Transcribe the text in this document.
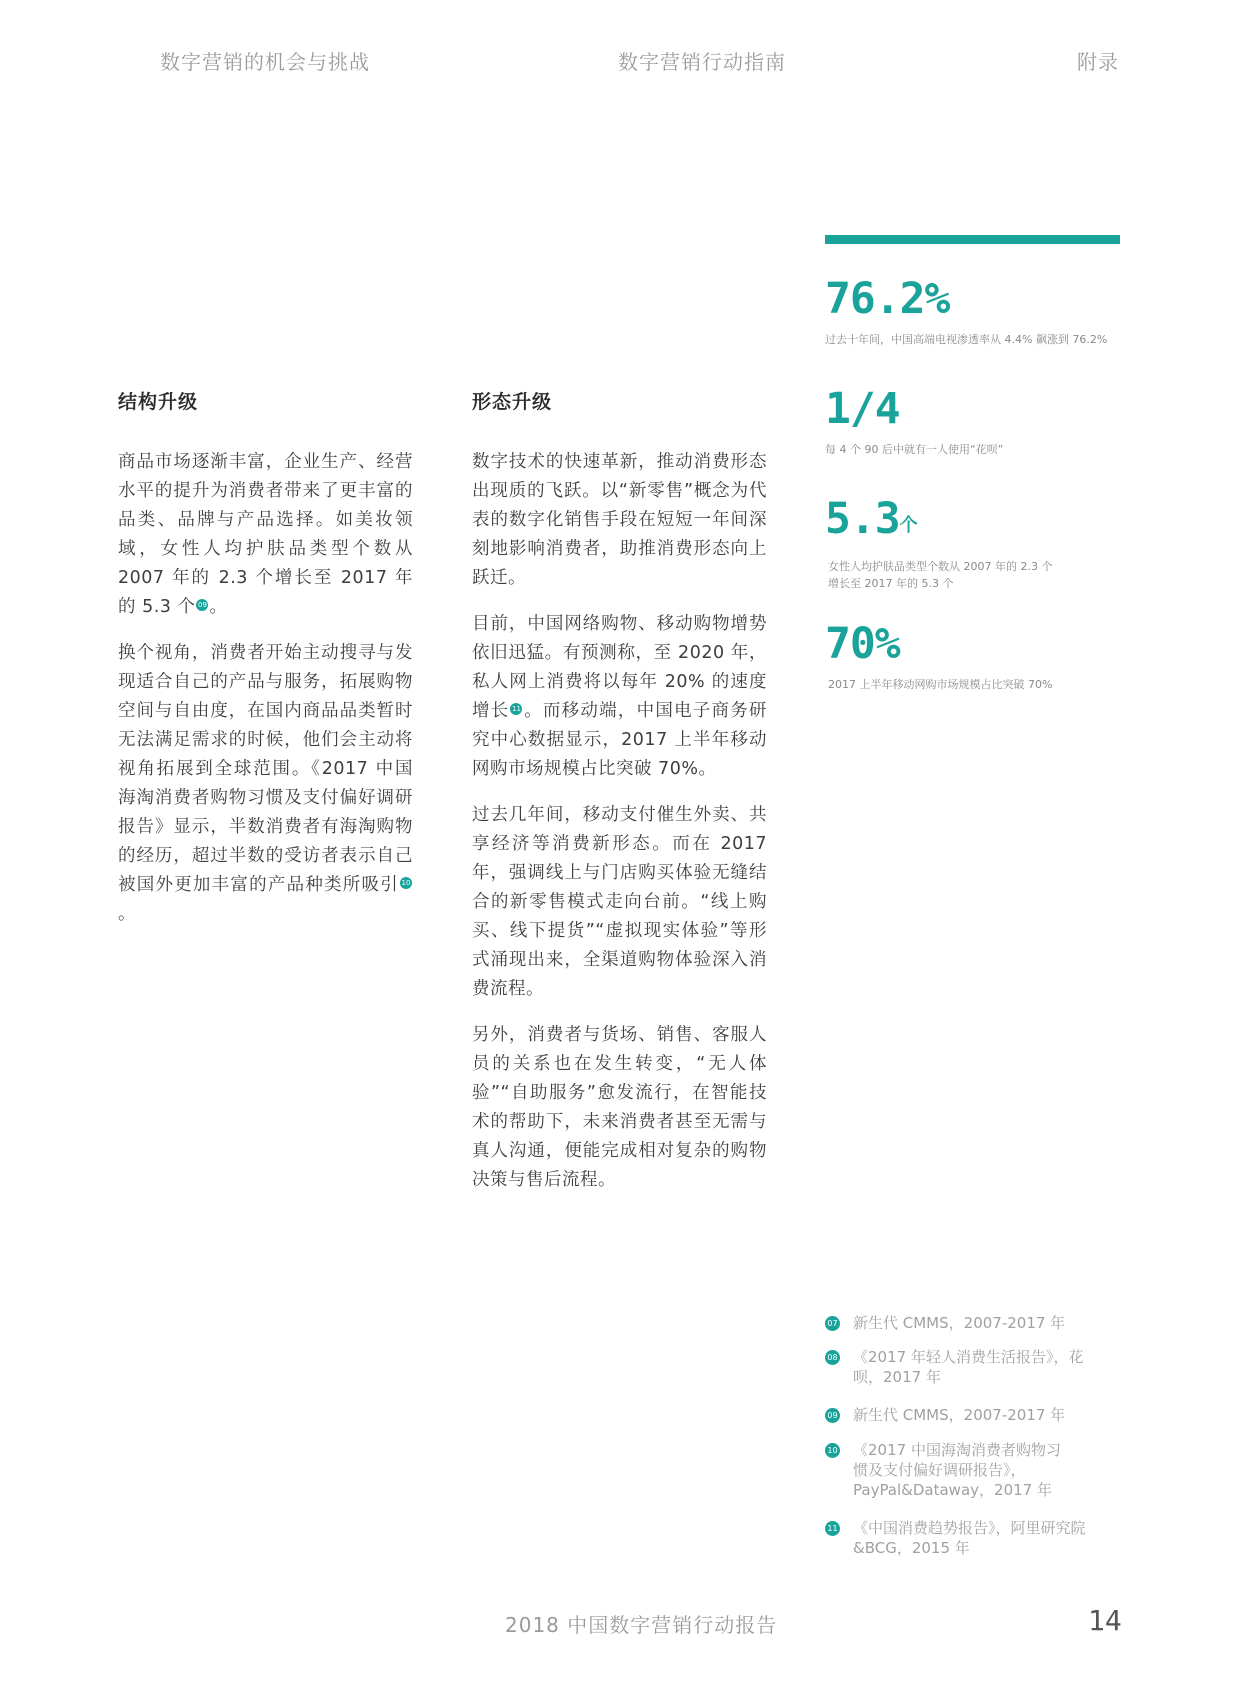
数字营销的机会与挑战	数字营销行动指南	附录
结构升级

商品市场逐渐丰富，企业生产、经营水平的提升为消费者带来了更丰富的品类、品牌与产品选择。如美妆领域，女性人均护肤品类型个数从 2007 年的 2.3 个增长至 2017 年的 5.3 个 09 。

换个视角，消费者开始主动搜寻与发现适合自己的产品与服务，拓展购物空间与自由度，在国内商品品类暂时无法满足需求的时候，他们会主动将视角拓展到全球范围。《2017 中国海淘消费者购物习惯及支付偏好调研报告》显示，半数消费者有海淘购物的经历，超过半数的受访者表示自己被国外更加丰富的产品种类所吸引 10。

形态升级

数字技术的快速革新，推动消费形态出现质的飞跃。以“新零售”概念为代表的数字化销售手段在短短一年间深刻地影响消费者，助推消费形态向上跃迁。

目前，中国网络购物、移动购物增势依旧迅猛。有预测称，至 2020 年，私人网上消费将以每年 20% 的速度增长 11 。而移动端，中国电子商务研究中心数据显示，2017 上半年移动网购市场规模占比突破 70%。

过去几年间，移动支付催生外卖、共享经济等消费新形态。而在 2017 年，强调线上与门店购买体验无缝结合的新零售模式走向台前。“线上购买、线下提货”“虚拟现实体验”等形式涌现出来，全渠道购物体验深入消费流程。

另外，消费者与货场、销售、客服人员的关系也在发生转变，“无人体验”“自助服务”愈发流行，在智能技术的帮助下，未来消费者甚至无需与真人沟通，便能完成相对复杂的购物决策与售后流程。

76.2%
过去十年间，中国高端电视渗透率从 4.4% 飙涨到 76.2%
1/4
每 4 个 90 后中就有一人使用“花呗”
5.3个
女性人均护肤品类型个数从 2007 年的 2.3 个增长至 2017 年的 5.3 个
70%
2017 上半年移动网购市场规模占比突破 70%
07 新生代 CMMS，2007-2017 年
08 《2017 年轻人消费生活报告》，花呗，2017 年
09 新生代 CMMS，2007-2017 年
10 《2017 中国海淘消费者购物习惯及支付偏好调研报告》，PayPal&Dataway，2017 年
11 《中国消费趋势报告》，阿里研究院&BCG，2015 年
2018 中国数字营销行动报告	14
